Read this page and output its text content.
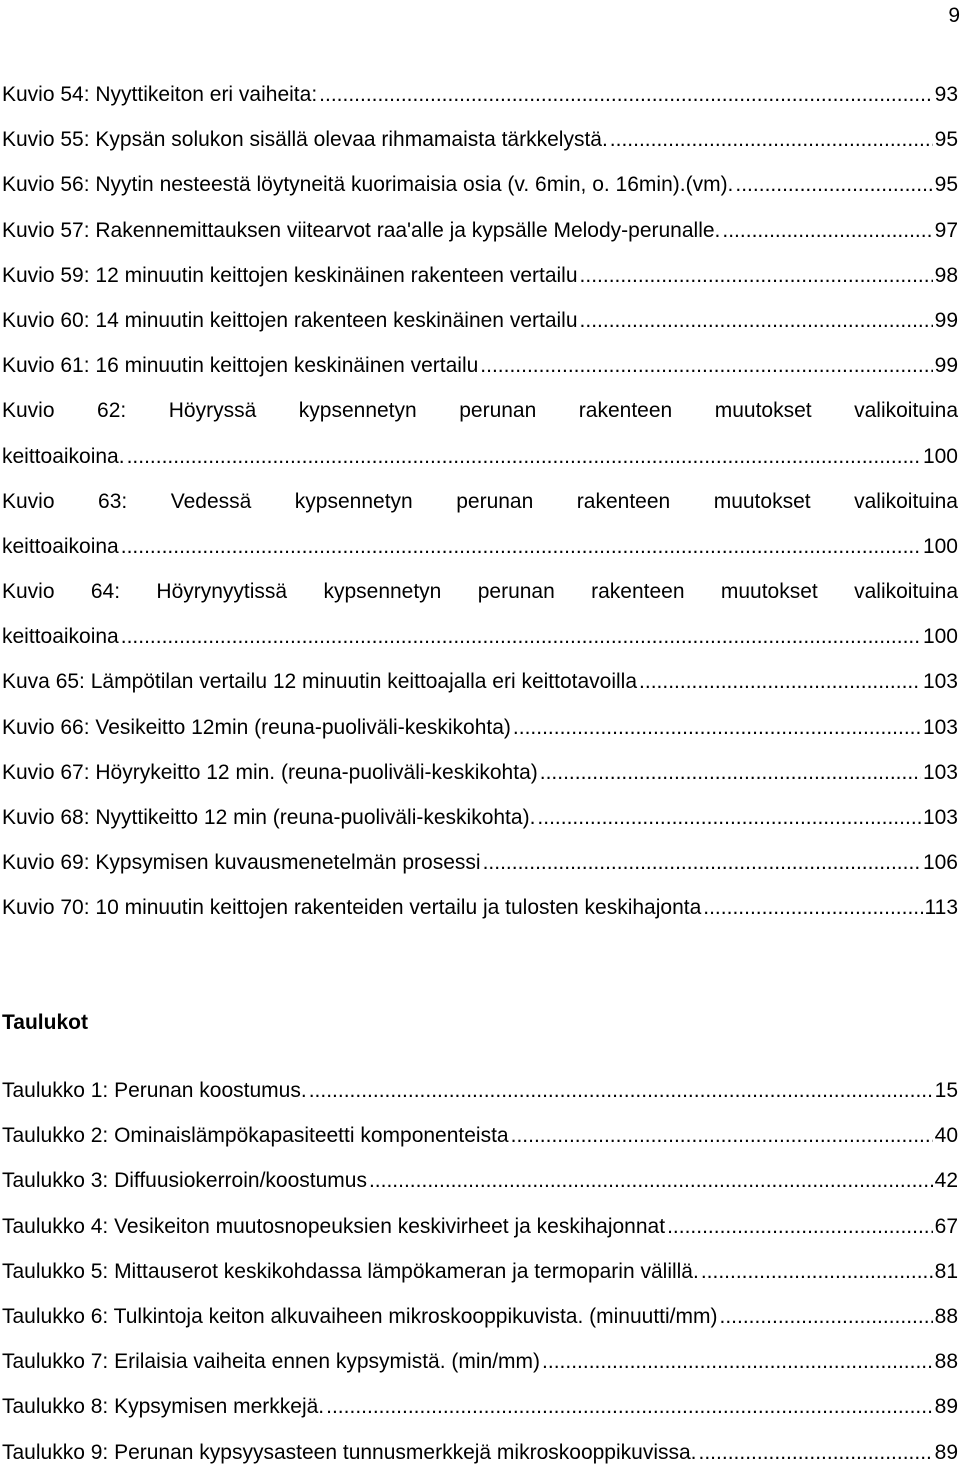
9
Kuvio 54: Nyyttikeiton eri vaiheita: .....	93
Kuvio 55: Kypsän solukon sisällä olevaa rihmamaista tärkkelystä. .....	95
Kuvio 56: Nyytin nesteestä löytyneitä kuorimaisia osia (v. 6min, o. 16min).(vm). .....	95
Kuvio 57: Rakennemittauksen viitearvot raa'alle ja kypsälle Melody-perunalle. .....	97
Kuvio 59: 12 minuutin keittojen keskinäinen rakenteen vertailu .....	98
Kuvio 60: 14 minuutin keittojen rakenteen keskinäinen vertailu .....	99
Kuvio 61: 16 minuutin keittojen keskinäinen vertailu .....	99
Kuvio 62: Höyryssä kypsennetyn perunan rakenteen muutokset valikoituina
keittoaikoina. .....	100
Kuvio 63: Vedessä kypsennetyn perunan rakenteen muutokset valikoituina
keittoaikoina .....	100
Kuvio 64: Höyrynyytissä kypsennetyn perunan rakenteen muutokset valikoituina
keittoaikoina .....	100
Kuva 65: Lämpötilan vertailu 12 minuutin keittoajalla eri keittotavoilla .....	103
Kuvio 66: Vesikeitto 12min (reuna-puoliväli-keskikohta) .....	103
Kuvio 67: Höyrykeitto 12 min. (reuna-puoliväli-keskikohta) .....	103
Kuvio 68: Nyyttikeitto 12 min (reuna-puoliväli-keskikohta). .....	103
Kuvio 69: Kypsymisen kuvausmenetelmän prosessi .....	106
Kuvio 70: 10 minuutin keittojen rakenteiden vertailu ja tulosten keskihajonta .....	113
Taulukot
Taulukko 1: Perunan koostumus. .....	15
Taulukko 2: Ominaislämpökapasiteetti komponenteista .....	40
Taulukko 3: Diffuusiokerroin/koostumus .....	42
Taulukko 4: Vesikeiton muutosnopeuksien keskivirheet ja keskihajonnat .....	67
Taulukko 5: Mittauserot keskikohdassa lämpökameran ja termoparin välillä. .....	81
Taulukko 6: Tulkintoja keiton alkuvaiheen mikroskooppikuvista. (minuutti/mm) .....	88
Taulukko 7: Erilaisia vaiheita ennen kypsymistä. (min/mm) .....	88
Taulukko 8: Kypsymisen merkkejä. .....	89
Taulukko 9: Perunan kypsyysasteen tunnusmerkkejä mikroskooppikuvissa. .....	89
